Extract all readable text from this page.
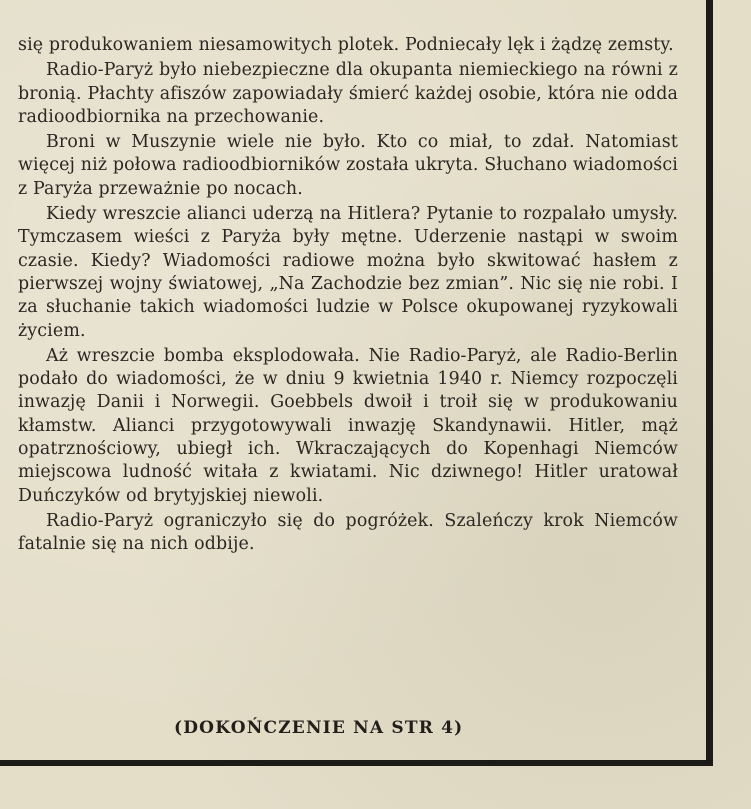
się produkowaniem niesamowitych plotek. Podniecały lęk i żądzę zemsty.

Radio-Paryż było niebezpieczne dla okupanta niemieckiego na równi z bronią. Płachty afiszów zapowiadały śmierć każdej osobie, która nie odda radioodbiornika na przechowanie.

Broni w Muszynie wiele nie było. Kto co miał, to zdał. Natomiast więcej niż połowa radioodbiorników została ukryta. Słuchano wiadomości z Paryża przeważnie po nocach.

Kiedy wreszcie alianci uderzą na Hitlera? Pytanie to rozpalało umysły. Tymczasem wieści z Paryża były mętne. Uderzenie nastąpi w swoim czasie. Kiedy? Wiadomości radiowe można było skwitować hasłem z pierwszej wojny światowej, „Na Zachodzie bez zmian”. Nic się nie robi. I za słuchanie takich wiadomości ludzie w Polsce okupowanej ryzykowali życiem.

Aż wreszcie bomba eksplodowała. Nie Radio-Paryż, ale Radio-Berlin podało do wiadomości, że w dniu 9 kwietnia 1940 r. Niemcy rozpoczęli inwazję Danii i Norwegii. Goebbels dwoił i troił się w produkowaniu kłamstw. Alianci przygotowywali inwazję Skandynawii. Hitler, mąż opatrznościowy, ubiegł ich. Wkraczających do Kopenhagi Niemców miejscowa ludność witała z kwiatami. Nic dziwnego! Hitler uratował Duńczyków od brytyjskiej niewoli.

Radio-Paryż ograniczyło się do pogróżek. Szaleńczy krok Niemców fatalnie się na nich odbije.

(DOKOŃCZENIE NA STR 4)
